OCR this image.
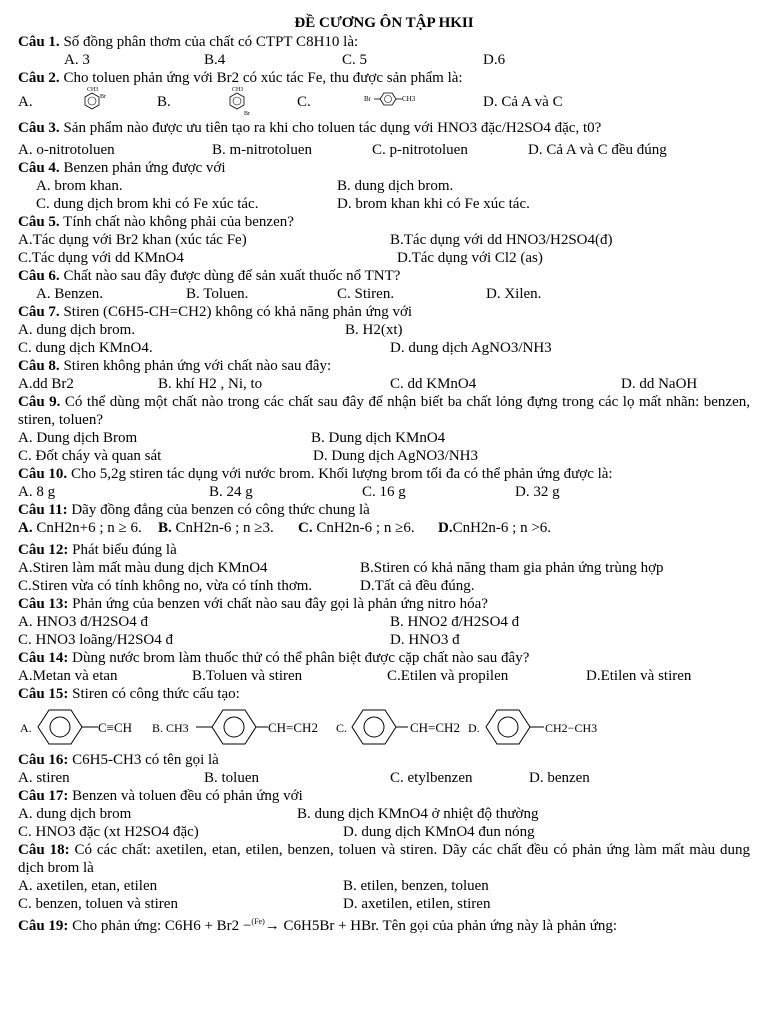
ĐỀ CƯƠNG ÔN TẬP HKII

Câu 1. Số đồng phân thơm của chất có CTPT C8H10 là:

A. 3	B.4	C. 5	D.6

Câu 2. Cho toluen phản ứng với Br2 có xúc tác Fe, thu được sản phẩm là:

A.
CH3
Br	B.
CH3
Br
C.	Br	CH3	D. Cả A và C

Câu 3. Sản phẩm nào được ưu tiên tạo ra khi cho toluen tác dụng với HNO3 đặc/H2SO4 đặc, t0?

A. o-nitrotoluen	B. m-nitrotoluen	C. p-nitrotoluen	D. Cả A và C đều đúng

Câu 4. Benzen phản ứng được với

A. brom khan.	B. dung dịch brom.
C. dung dịch brom khi có Fe xúc tác.	D. brom khan khi có Fe xúc tác.

Câu 5. Tính chất nào không phải của benzen?

A.Tác dụng với Br2 khan (xúc tác Fe)	B.Tác dụng với dd HNO3/H2SO4(đ)
C.Tác dụng với dd KMnO4	D.Tác dụng với Cl2 (as)

Câu 6. Chất nào sau đây được dùng để sản xuất thuốc nổ TNT?

A. Benzen.	B. Toluen.	C. Stiren.	D. Xilen.

Câu 7. Stiren (C6H5-CH=CH2) không có khả năng phản ứng với

A. dung dịch brom.	B. H2(xt)
C. dung dịch KMnO4.	D. dung dịch AgNO3/NH3

Câu 8. Stiren không phản ứng với chất nào sau đây:

A.dd Br2	B. khí H2 , Ni, to	C. dd KMnO4	D. dd NaOH

Câu 9. Có thể dùng một chất nào trong các chất sau đây để nhận biết ba chất lỏng đựng trong các lọ mất nhãn: benzen, stiren, toluen?

A. Dung dịch Brom	B. Dung dịch KMnO4
C. Đốt cháy và quan sát	D. Dung dịch AgNO3/NH3

Câu 10. Cho 5,2g stiren tác dụng với nước brom. Khối lượng brom tối đa có thể phản ứng được là:

A. 8 g	B. 24 g	C. 16 g	D. 32 g

Câu 11: Dãy đồng đẳng của benzen có công thức chung là

A. CnH2n+6 ; n ≥ 6. B. CnH2n-6 ; n ≥3. C. CnH2n-6 ; n ≥6. D.CnH2n-6 ; n >6.

Câu 12: Phát biểu đúng là

A.Stiren làm mất màu dung dịch KMnO4	B.Stiren có khả năng tham gia phản ứng trùng hợp
C.Stiren vừa có tính không no, vừa có tính thơm.	D.Tất cả đều đúng.

Câu 13: Phản ứng của benzen với chất nào sau đây gọi là phản ứng nitro hóa?

A. HNO3 đ/H2SO4 đ	B. HNO2 đ/H2SO4 đ
C. HNO3 loãng/H2SO4 đ	D. HNO3 đ

Câu 14: Dùng nước brom làm thuốc thử có thể phân biệt được cặp chất nào sau đây?

A.Metan và etan	B.Toluen và stiren	C.Etilen và propilen	D.Etilen và stiren

Câu 15: Stiren có công thức cấu tạo:

A.	C≡CH B. CH3	CH=CH2 C.	CH=CH2 D.	CH2−CH3

Câu 16: C6H5-CH3 có tên gọi là

A. stiren	B. toluen	C. etylbenzen	D. benzen

Câu 17: Benzen và toluen đều có phản ứng với

A. dung dịch brom	B. dung dịch KMnO4 ở nhiệt độ thường
C. HNO3 đặc (xt H2SO4 đặc)	D. dung dịch KMnO4 đun nóng

Câu 18: Có các chất: axetilen, etan, etilen, benzen, toluen và stiren. Dãy các chất đều có phản ứng làm mất màu dung dịch brom là

A. axetilen, etan, etilen	B. etilen, benzen, toluen
C. benzen, toluen và stiren	D. axetilen, etilen, stiren

Câu 19: Cho phản ứng: C6H6 + Br2 −$^{(Fe)}$→ C6H5Br + HBr. Tên gọi của phản ứng này là phản ứng:
